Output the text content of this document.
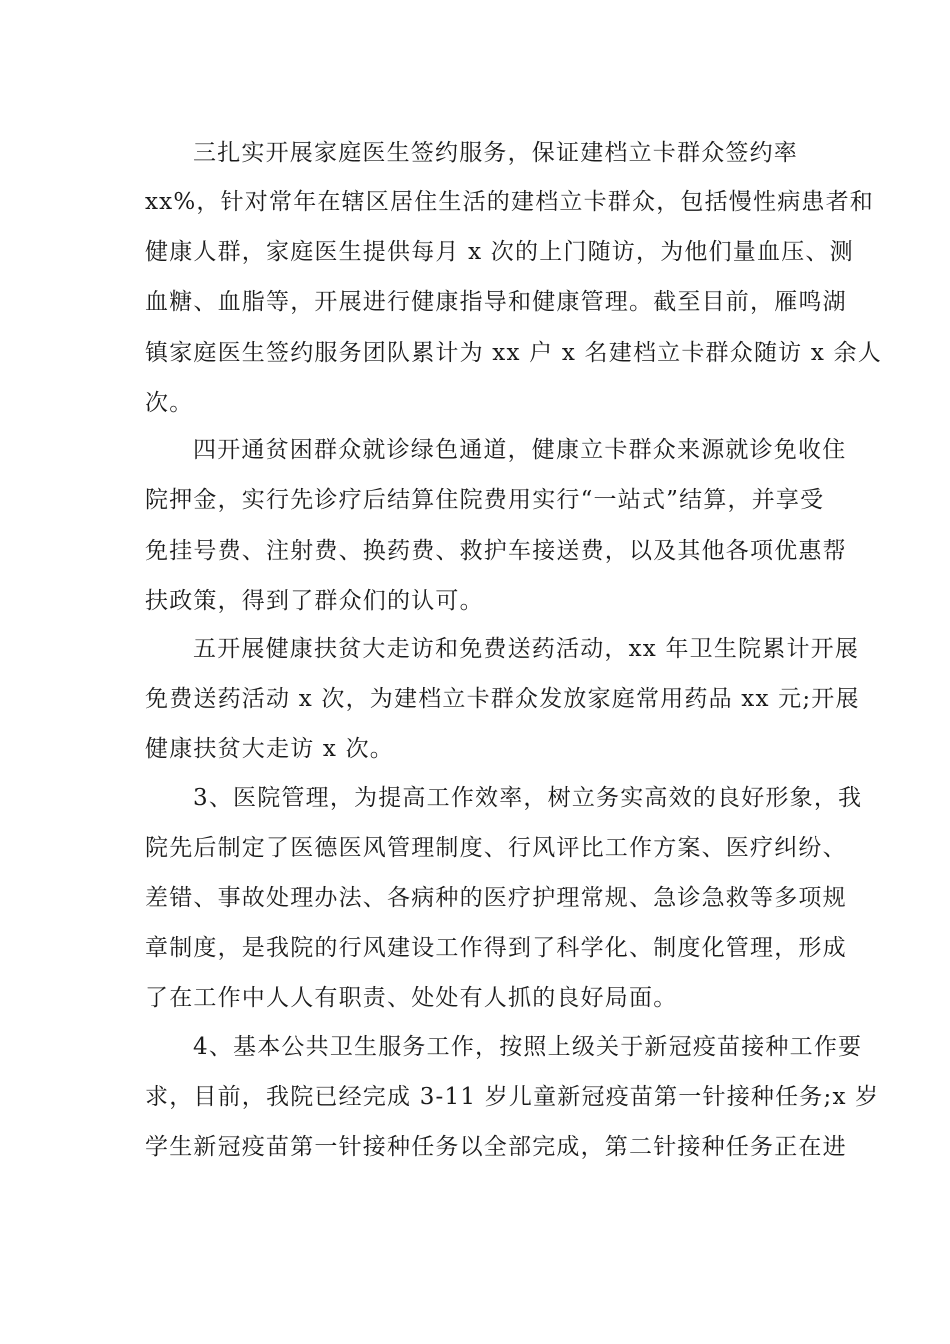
三扎实开展家庭医生签约服务，保证建档立卡群众签约率
xx%，针对常年在辖区居住生活的建档立卡群众，包括慢性病患者和
健康人群，家庭医生提供每月 x 次的上门随访，为他们量血压、测
血糖、血脂等，开展进行健康指导和健康管理。截至目前，雁鸣湖
镇家庭医生签约服务团队累计为 xx 户 x 名建档立卡群众随访 x 余人
次。
四开通贫困群众就诊绿色通道，健康立卡群众来源就诊免收住
院押金，实行先诊疗后结算住院费用实行“一站式”结算，并享受
免挂号费、注射费、换药费、救护车接送费，以及其他各项优惠帮
扶政策，得到了群众们的认可。
五开展健康扶贫大走访和免费送药活动，xx 年卫生院累计开展
免费送药活动 x 次，为建档立卡群众发放家庭常用药品 xx 元;开展
健康扶贫大走访 x 次。
3、医院管理，为提高工作效率，树立务实高效的良好形象，我
院先后制定了医德医风管理制度、行风评比工作方案、医疗纠纷、
差错、事故处理办法、各病种的医疗护理常规、急诊急救等多项规
章制度，是我院的行风建设工作得到了科学化、制度化管理，形成
了在工作中人人有职责、处处有人抓的良好局面。
4、基本公共卫生服务工作，按照上级关于新冠疫苗接种工作要
求，目前，我院已经完成 3-11 岁儿童新冠疫苗第一针接种任务;x 岁
学生新冠疫苗第一针接种任务以全部完成，第二针接种任务正在进
